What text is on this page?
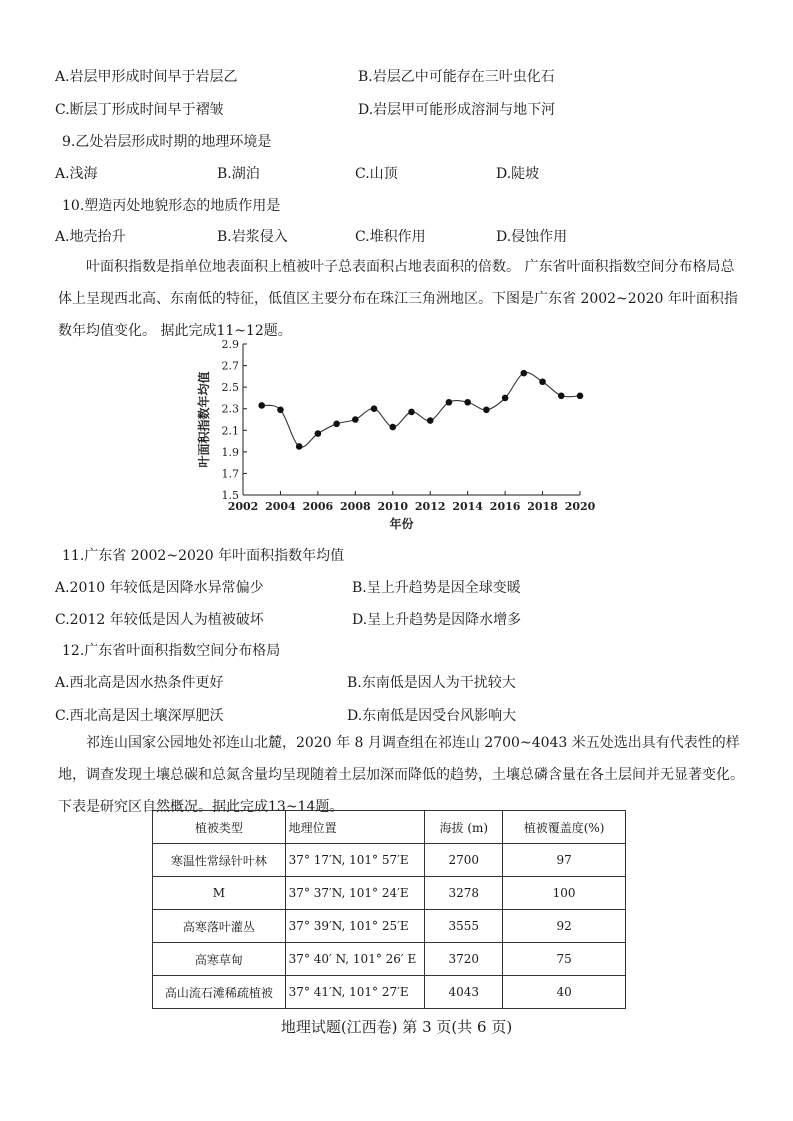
A.岩层甲形成时间早于岩层乙	B.岩层乙中可能存在三叶虫化石
C.断层丁形成时间早于褶皱	D.岩层甲可能形成溶洞与地下河
9.乙处岩层形成时期的地理环境是
A.浅海	B.湖泊	C.山顶	D.陡坡
10.塑造丙处地貌形态的地质作用是
A.地壳抬升	B.岩浆侵入	C.堆积作用	D.侵蚀作用
叶面积指数是指单位地表面积上植被叶子总表面积占地表面积的倍数。 广东省叶面积指数空间分布格局总体上呈现西北高、东南低的特征，低值区主要分布在珠江三角洲地区。下图是广东省 2002~2020 年叶面积指数年均值变化。 据此完成11~12题。
1.5
1.7
1.9
2.1
2.3
2.5
2.7
2.9
2002 2004 2006 2008 2010 2012 2014 2016 2018 2020
叶面积指数年均值
年份
11.广东省 2002~2020 年叶面积指数年均值
A.2010 年较低是因降水异常偏少	B.呈上升趋势是因全球变暖
C.2012 年较低是因人为植被破坏	D.呈上升趋势是因降水增多
12.广东省叶面积指数空间分布格局
A.西北高是因水热条件更好	B.东南低是因人为干扰较大
C.西北高是因土壤深厚肥沃	D.东南低是因受台风影响大
祁连山国家公园地处祁连山北麓，2020 年 8 月调查组在祁连山 2700~4043 米五处选出具有代表性的样地，调查发现土壤总碳和总氮含量均呈现随着土层加深而降低的趋势，土壤总磷含量在各土层间并无显著变化。下表是研究区自然概况。据此完成13~14题。
植被类型	地理位置	海拔 (m)	植被覆盖度(%)
寒温性常绿针叶林	37° 17′N, 101° 57′E	2700	97
M	37° 37′N, 101° 24′E	3278	100
高寒落叶灌丛	37° 39′N, 101° 25′E	3555	92
高寒草甸	37° 40′ N, 101° 26′ E	3720	75
高山流石滩稀疏植被	37° 41′N, 101° 27′E	4043	40
地理试题(江西卷) 第 3 页(共 6 页)
